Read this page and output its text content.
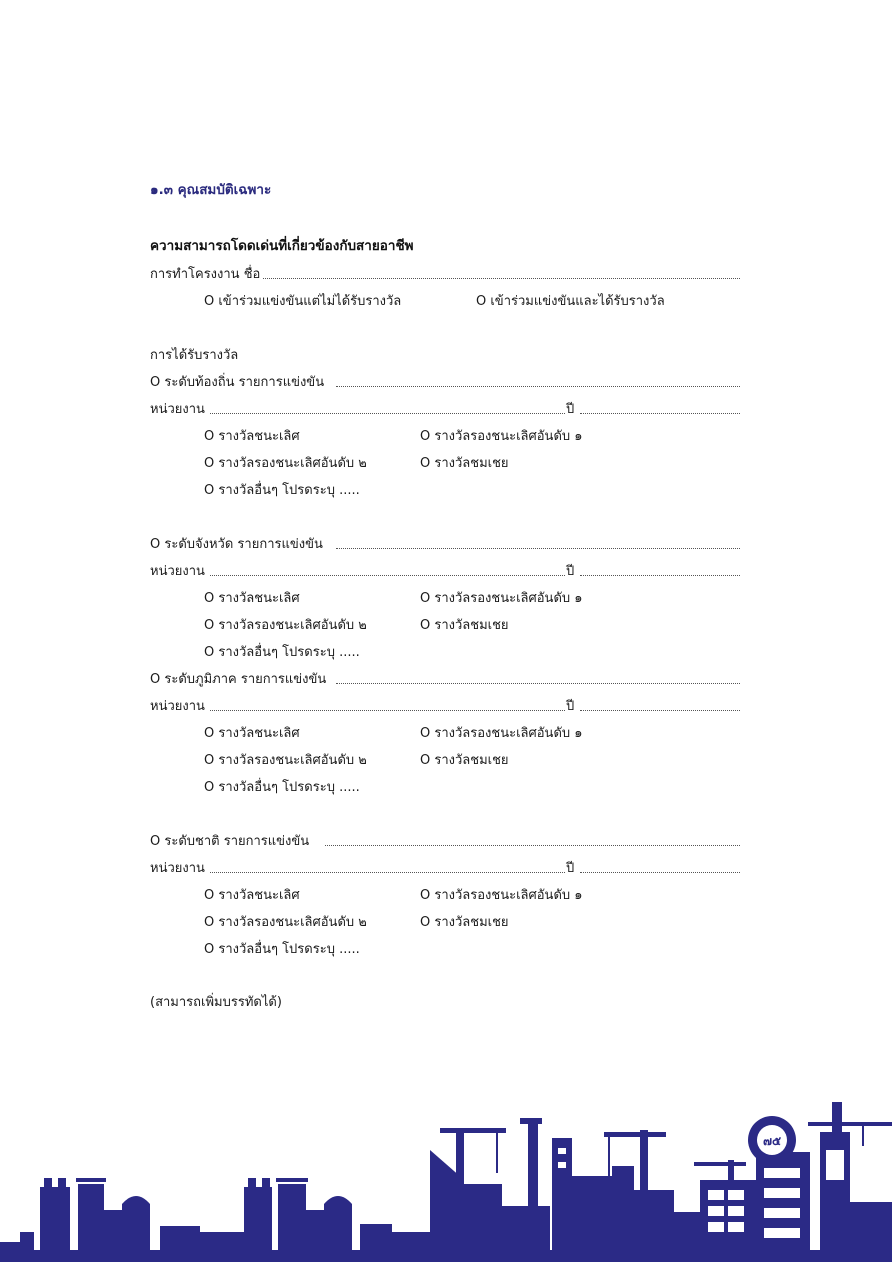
๑.๓ คุณสมบัติเฉพาะ
ความสามารถโดดเด่นที่เกี่ยวข้องกับสายอาชีพ
การทำโครงงาน ชื่อ
O เข้าร่วมแข่งขันแต่ไม่ได้รับรางวัล	O เข้าร่วมแข่งขันและได้รับรางวัล
การได้รับรางวัล
O ระดับท้องถิ่น รายการแข่งขัน
หน่วยงาน	ปี
O รางวัลชนะเลิศ	O รางวัลรองชนะเลิศอันดับ ๑
O รางวัลรองชนะเลิศอันดับ ๒	O รางวัลชมเชย
O รางวัลอื่นๆ โปรดระบุ .....
O ระดับจังหวัด รายการแข่งขัน
หน่วยงาน	ปี
O รางวัลชนะเลิศ	O รางวัลรองชนะเลิศอันดับ ๑
O รางวัลรองชนะเลิศอันดับ ๒	O รางวัลชมเชย
O รางวัลอื่นๆ โปรดระบุ .....
O ระดับภูมิภาค รายการแข่งขัน
หน่วยงาน	ปี
O รางวัลชนะเลิศ	O รางวัลรองชนะเลิศอันดับ ๑
O รางวัลรองชนะเลิศอันดับ ๒	O รางวัลชมเชย
O รางวัลอื่นๆ โปรดระบุ .....
O ระดับชาติ รายการแข่งขัน
หน่วยงาน	ปี
O รางวัลชนะเลิศ	O รางวัลรองชนะเลิศอันดับ ๑
O รางวัลรองชนะเลิศอันดับ ๒	O รางวัลชมเชย
O รางวัลอื่นๆ โปรดระบุ .....
(สามารถเพิ่มบรรทัดได้)
๗๕
